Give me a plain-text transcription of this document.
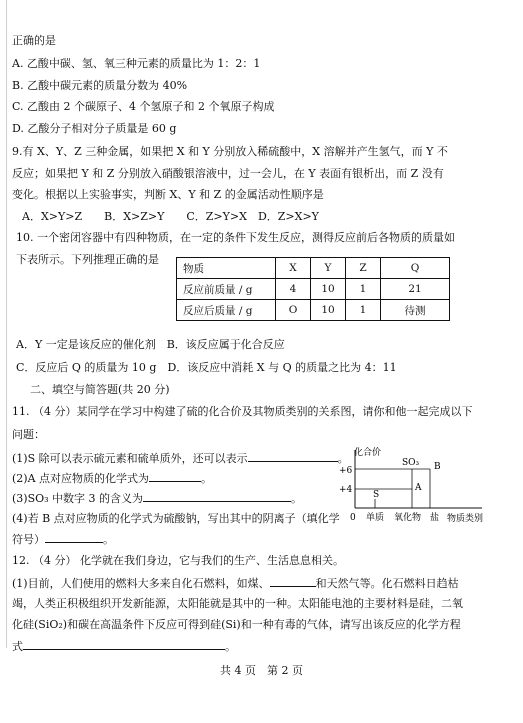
正确的是
A. 乙酸中碳、氢、氧三种元素的质量比为 1：2：1
B. 乙酸中碳元素的质量分数为 40%
C. 乙酸由 2 个碳原子、4 个氢原子和 2 个氧原子构成
D. 乙酸分子相对分子质量是 60 g
9.有 X、Y、Z 三种金属，如果把 X 和 Y 分别放入稀硫酸中，X 溶解并产生氢气，而 Y 不
反应；如果把 Y 和 Z 分别放入硝酸银溶液中，过一会儿，在 Y 表面有银析出，而 Z 没有
变化。根据以上实验事实，判断 X、Y 和 Z 的金属活动性顺序是
A．X>Y>Z　　B．X>Z>Y　　C．Z>Y>X　D．Z>X>Y
10. 一个密闭容器中有四种物质，在一定的条件下发生反应，测得反应前后各物质的质量如
下表所示。下列推理正确的是
物质	X	Y	Z	Q
反应前质量 / g	4	10	1	21
反应后质量 / g	O	10	1	待测
A．Y 一定是该反应的催化剂　B．该反应属于化合反应
C．反应后 Q 的质量为 10 g　D．该反应中消耗 X 与 Q 的质量之比为 4：11
二、填空与简答题(共 20 分)
11. （4 分）某同学在学习中构建了硫的化合价及其物质类别的关系图，请你和他一起完成以下
问题：
(1)S 除可以表示硫元素和硫单质外，还可以表示	。
(2)A 点对应物质的化学式为	。
(3)SO₃ 中数字 3 的含义为	。
(4)若 B 点对应物质的化学式为硫酸钠，写出其中的阴离子（填化学
符号）	。
化合价
+6
+4
SO₃ B
A
S
0 单质 氧化物 盐 物质类别
12. （4 分） 化学就在我们身边，它与我们的生产、生活息息相关。
(1)目前，人们使用的燃料大多来自化石燃料，如煤、	和天然气等。化石燃料日趋枯
竭，人类正积极组织开发新能源，太阳能就是其中的一种。太阳能电池的主要材料是硅，二氧
化硅(SiO₂)和碳在高温条件下反应可得到硅(Si)和一种有毒的气体，请写出该反应的化学方程
式	。
共 4 页　第 2 页
